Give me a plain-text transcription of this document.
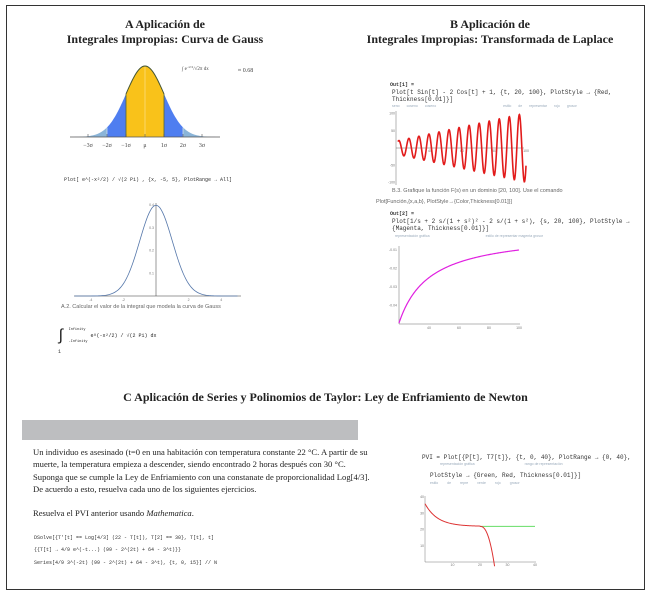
A Aplicación de
Integrales Impropias: Curva de Gauss
∫ $e^{-x^2/2}/√2\pi$ dx	≈ 0.68
−3σ −2σ −1σ μ 1σ 2σ 3σ
Plot[ e^(-x²/2) / √(2 Pi) , {x, -5, 5}, PlotRange → All]
-4	-2	2	4
0.1
0.2
0.3
0.4
A.2. Calcular el valor de la integral que modela la curva de Gauss
∫ Infinity
-Infinity e^(-x²/2) / √(2 Pi) dx
1
B Aplicación de
Integrales Impropias: Transformada de Laplace
Out[1] =
Plot[t Sin[t] - 2 Cos[t] + 1, {t, 20, 100}, PlotStyle → {Red, Thickness[0.01]}]
seno coseno coseno	estilo de representar rojo grosor
40	60	80	100
100
50
-50
-100
B.3. Grafique la función F(s) en un dominio [20, 100]. Use el comando
Plot[Función,{x,a,b}, PlotStyle→{Color,Thickness[0.01]}]
Out[2] =
Plot[1/s + 2 s/(1 + s²)² - 2 s/(1 + s²), {s, 20, 100}, PlotStyle → {Magenta, Thickness[0.01]}]
representación gráfica	estilo de representar magenta grosor
40	60	80	100
-0.01
-0.02
-0.03
-0.04
C Aplicación de Series y Polinomios de Taylor: Ley de Enfriamiento de Newton
Un individuo es asesinado (t=0 en una habitación con temperatura constante 22 °C. A partir de su muerte, la temperatura empieza a descender, siendo encontrado 2 horas después con 30 °C. Suponga que se cumple la Ley de Enfriamiento con una constanate de proporcionalidad Log[4/3]. De acuerdo a esto, resuelva cada uno de los siguientes ejercicios.
Resuelva el PVI anterior usando Mathematica.
DSolve[{T'[t] == Log[4/3] (22 - T[t]), T[2] == 30}, T[t], t]
{{T[t] → 4/9 e^(-t...) (99 - 2^(2t) + 64 - 3^t)}}
Series[4/9 3^(-2t) (99 - 2^(2t) + 64 - 3^t), {t, 0, 15}] // N
PVI = Plot[{P[t], T7[t]}, {t, 0, 40}, PlotRange → {0, 40},
representación gráfica	rango de representación
PlotStyle → {Green, Red, Thickness[0.01]}]
estilo de repre	verde	rojo	grosor
10	20	30	40
40
30
20
10
